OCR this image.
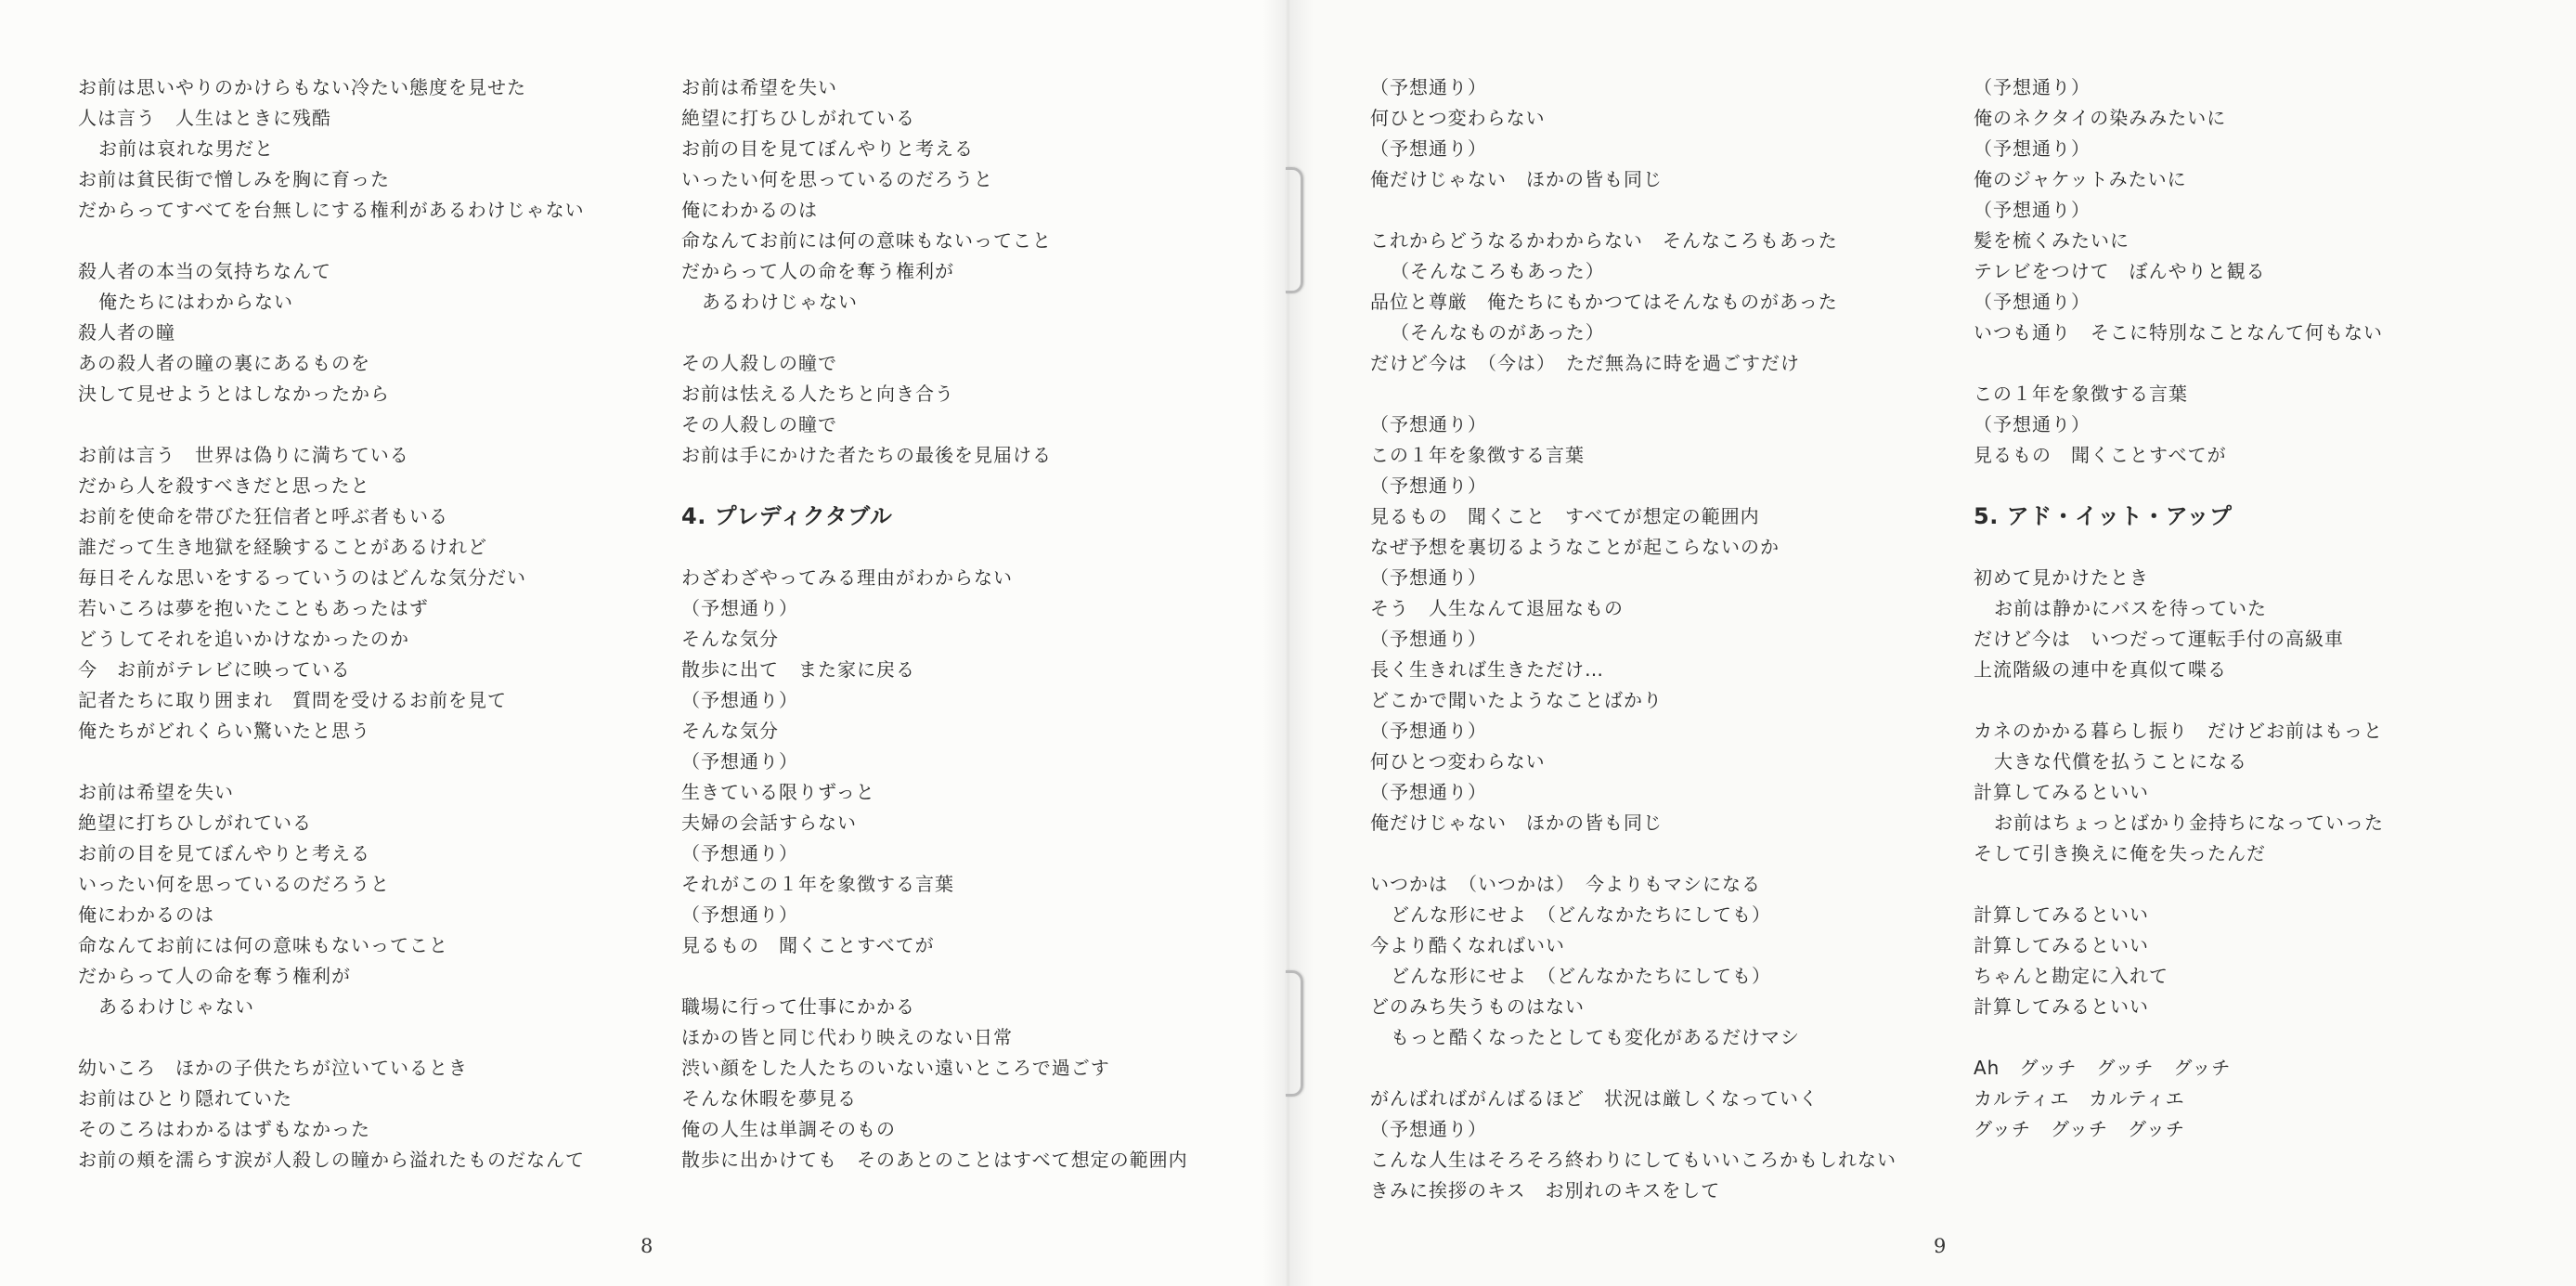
お前は思いやりのかけらもない冷たい態度を見せた
人は言う　人生はときに残酷
お前は哀れな男だと
お前は貧民街で憎しみを胸に育った
だからってすべてを台無しにする権利があるわけじゃない
殺人者の本当の気持ちなんて
俺たちにはわからない
殺人者の瞳
あの殺人者の瞳の裏にあるものを
決して見せようとはしなかったから
お前は言う　世界は偽りに満ちている
だから人を殺すべきだと思ったと
お前を使命を帯びた狂信者と呼ぶ者もいる
誰だって生き地獄を経験することがあるけれど
毎日そんな思いをするっていうのはどんな気分だい
若いころは夢を抱いたこともあったはず
どうしてそれを追いかけなかったのか
今　お前がテレビに映っている
記者たちに取り囲まれ　質問を受けるお前を見て
俺たちがどれくらい驚いたと思う
お前は希望を失い
絶望に打ちひしがれている
お前の目を見てぼんやりと考える
いったい何を思っているのだろうと
俺にわかるのは
命なんてお前には何の意味もないってこと
だからって人の命を奪う権利が
あるわけじゃない
幼いころ　ほかの子供たちが泣いているとき
お前はひとり隠れていた
そのころはわかるはずもなかった
お前の頬を濡らす涙が人殺しの瞳から溢れたものだなんて
お前は希望を失い
絶望に打ちひしがれている
お前の目を見てぼんやりと考える
いったい何を思っているのだろうと
俺にわかるのは
命なんてお前には何の意味もないってこと
だからって人の命を奪う権利が
あるわけじゃない
その人殺しの瞳で
お前は怯える人たちと向き合う
その人殺しの瞳で
お前は手にかけた者たちの最後を見届ける
4. プレディクタブル
わざわざやってみる理由がわからない
（予想通り）
そんな気分
散歩に出て　また家に戻る
（予想通り）
そんな気分
（予想通り）
生きている限りずっと
夫婦の会話すらない
（予想通り）
それがこの１年を象徴する言葉
（予想通り）
見るもの　聞くことすべてが
職場に行って仕事にかかる
ほかの皆と同じ代わり映えのない日常
渋い顔をした人たちのいない遠いところで過ごす
そんな休暇を夢見る
俺の人生は単調そのもの
散歩に出かけても　そのあとのことはすべて想定の範囲内
（予想通り）
何ひとつ変わらない
（予想通り）
俺だけじゃない　ほかの皆も同じ
これからどうなるかわからない　そんなころもあった
（そんなころもあった）
品位と尊厳　俺たちにもかつてはそんなものがあった
（そんなものがあった）
だけど今は　（今は）　ただ無為に時を過ごすだけ
（予想通り）
この１年を象徴する言葉
（予想通り）
見るもの　聞くこと　すべてが想定の範囲内
なぜ予想を裏切るようなことが起こらないのか
（予想通り）
そう　人生なんて退屈なもの
（予想通り）
長く生きれば生きただけ…
どこかで聞いたようなことばかり
（予想通り）
何ひとつ変わらない
（予想通り）
俺だけじゃない　ほかの皆も同じ
いつかは　（いつかは）　今よりもマシになる
どんな形にせよ　（どんなかたちにしても）
今より酷くなればいい
どんな形にせよ　（どんなかたちにしても）
どのみち失うものはない
もっと酷くなったとしても変化があるだけマシ
がんばればがんばるほど　状況は厳しくなっていく
（予想通り）
こんな人生はそろそろ終わりにしてもいいころかもしれない
きみに挨拶のキス　お別れのキスをして
（予想通り）
俺のネクタイの染みみたいに
（予想通り）
俺のジャケットみたいに
（予想通り）
髪を梳くみたいに
テレビをつけて　ぼんやりと観る
（予想通り）
いつも通り　そこに特別なことなんて何もない
この１年を象徴する言葉
（予想通り）
見るもの　聞くことすべてが
5. アド・イット・アップ
初めて見かけたとき
お前は静かにバスを待っていた
だけど今は　いつだって運転手付の高級車
上流階級の連中を真似て喋る
カネのかかる暮らし振り　だけどお前はもっと
大きな代償を払うことになる
計算してみるといい
お前はちょっとばかり金持ちになっていった
そして引き換えに俺を失ったんだ
計算してみるといい
計算してみるといい
ちゃんと勘定に入れて
計算してみるといい
Ah　グッチ　グッチ　グッチ
カルティエ　カルティエ
グッチ　グッチ　グッチ
8	9
